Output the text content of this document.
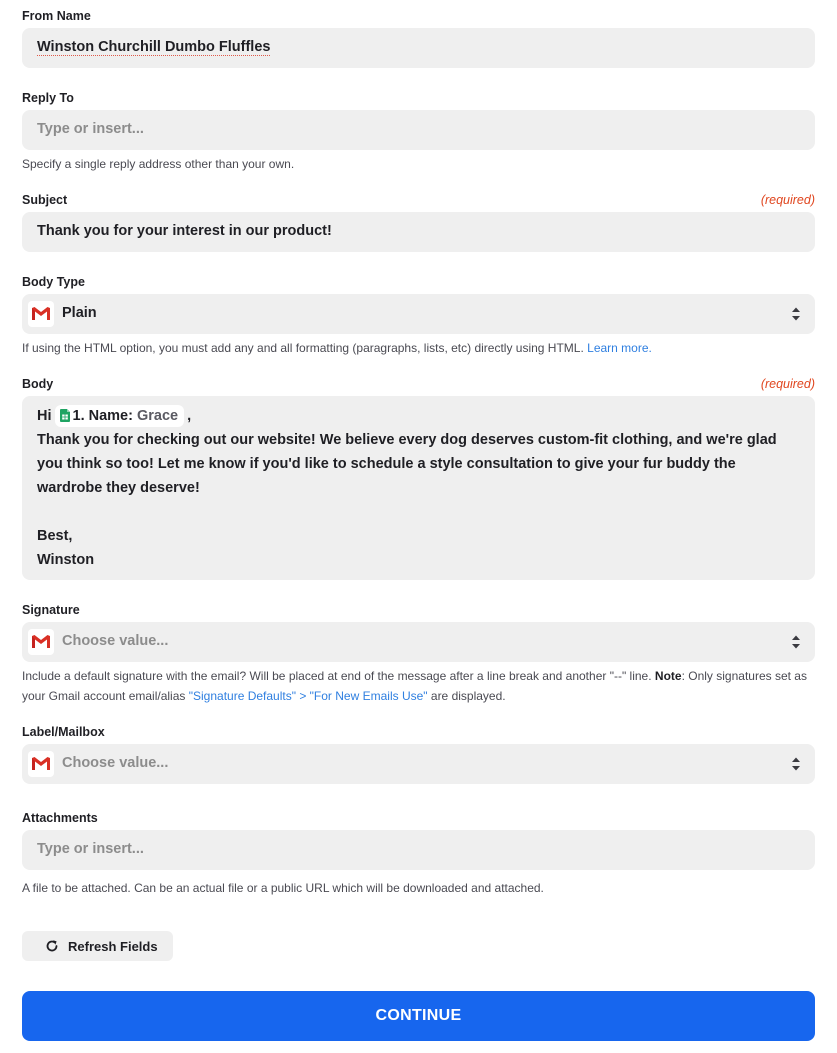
From Name
Winston Churchill Dumbo Fluffles
Reply To
Type or insert...
Specify a single reply address other than your own.
Subject	(required)
Thank you for your interest in our product!
Body Type
Plain
If using the HTML option, you must add any and all formatting (paragraphs, lists, etc) directly using HTML. Learn more.
Body	(required)
Hi 1. Name: Grace ,
Thank you for checking out our website! We believe every dog deserves custom-fit clothing, and we're glad you think so too! Let me know if you'd like to schedule a style consultation to give your fur buddy the wardrobe they deserve!
Best,
Winston
Signature
Choose value...
Include a default signature with the email? Will be placed at end of the message after a line break and another "--" line. Note: Only signatures set as your Gmail account email/alias "Signature Defaults" > "For New Emails Use" are displayed.
Label/Mailbox
Choose value...
Attachments
Type or insert...
A file to be attached. Can be an actual file or a public URL which will be downloaded and attached.
Refresh Fields
CONTINUE
